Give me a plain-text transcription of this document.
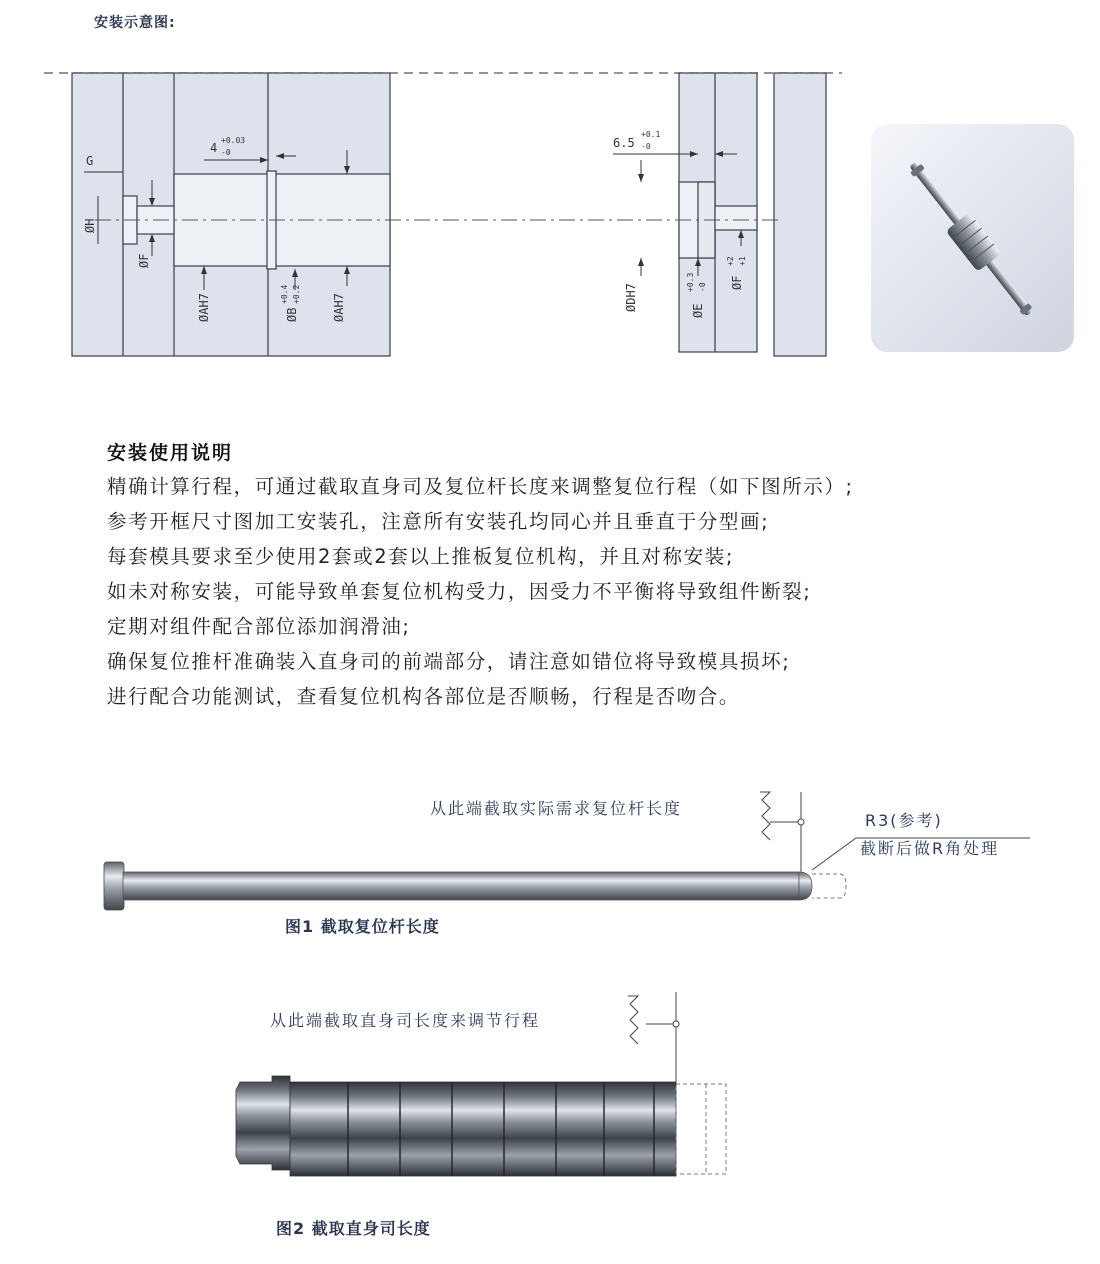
安装示意图:
G
ØH
ØF
4
+0.03
-0
ØAH7	ØB
+0.4 +0.2	ØAH7
6.5
+0.1
-0
ØDH7	ØE
+0.3 -0 ØF
+2 +1
安装使用说明
精确计算行程，可通过截取直身司及复位杆长度来调整复位行程（如下图所示）;
参考开框尺寸图加工安装孔，注意所有安装孔均同心并且垂直于分型画;
每套模具要求至少使用2套或2套以上推板复位机构，并且对称安装;
如未对称安装，可能导致单套复位机构受力，因受力不平衡将导致组件断裂;
定期对组件配合部位添加润滑油;
确保复位推杆准确装入直身司的前端部分，请注意如错位将导致模具损坏;
进行配合功能测试，查看复位机构各部位是否顺畅，行程是否吻合。
从此端截取实际需求复位杆长度
R3(参考)
截断后做R角处理
图1 截取复位杆长度
从此端截取直身司长度来调节行程
图2 截取直身司长度
